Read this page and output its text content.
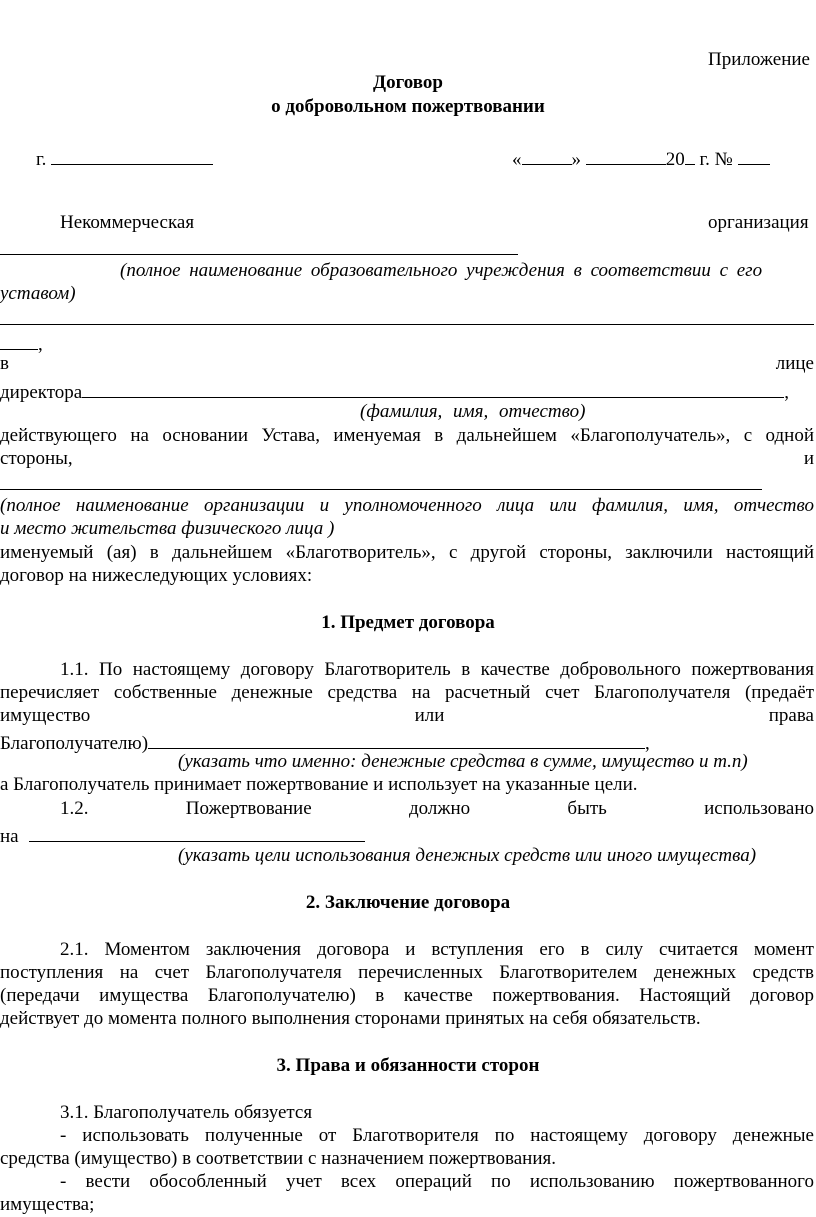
Приложение
Договор
о добровольном пожертвовании
г.	«	»	20 г. №
Некоммерческая	организация
(полное наименование образовательного учреждения в соответствии с его
уставом)
,
в	лице
директора	,
(фамилия, имя, отчество)
действующего на основании Устава, именуемая в дальнейшем «Благополучатель», с одной
стороны,	и
(полное наименование организации и уполномоченного лица или фамилия, имя, отчество
и место жительства физического лица )
именуемый (ая) в дальнейшем «Благотворитель», с другой стороны, заключили настоящий
договор на нижеследующих условиях:
1. Предмет договора
1.1. По настоящему договору Благотворитель в качестве добровольного пожертвования
перечисляет собственные денежные средства на расчетный счет Благополучателя (предаёт
имущество	или	права
Благополучателю)	,
(указать что именно: денежные средства в сумме, имущество и т.п)
а Благополучатель принимает пожертвование и использует на указанные цели.
1.2.	Пожертвование	должно	быть	использовано
на
(указать цели использования денежных средств или иного имущества)
2. Заключение договора
2.1. Моментом заключения договора и вступления его в силу считается момент
поступления на счет Благополучателя перечисленных Благотворителем денежных средств
(передачи имущества Благополучателю) в качестве пожертвования. Настоящий договор
действует до момента полного выполнения сторонами принятых на себя обязательств.
3. Права и обязанности сторон
3.1. Благополучатель обязуется
- использовать полученные от Благотворителя по настоящему договору денежные
средства (имущество) в соответствии с назначением пожертвования.
- вести обособленный учет всех операций по использованию пожертвованного
имущества;
